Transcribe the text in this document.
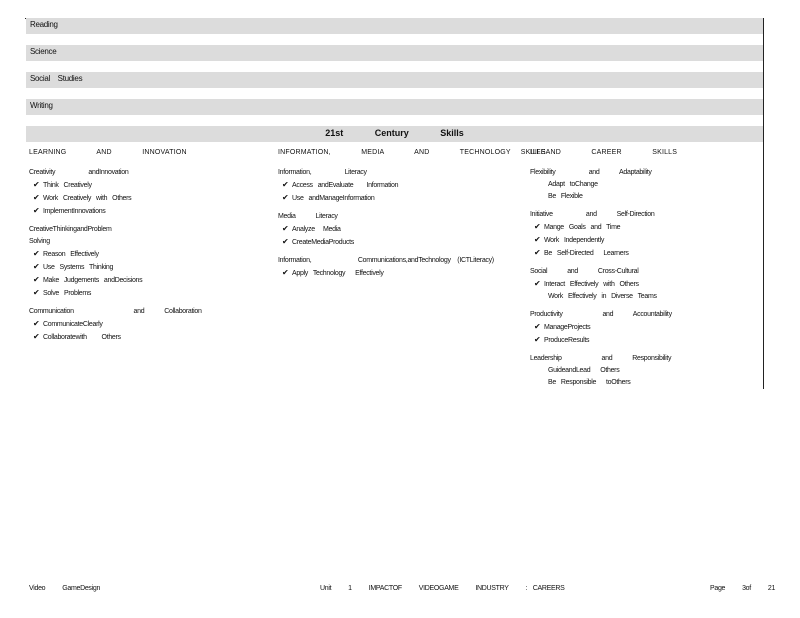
Reading
Science
Social    Studies
Writing
21st   Century   Skills
LEARNING   AND   INNOVATION
Creativity     andInnovation
✔ Think   Creatively
✔ Work   Creatively   with   Others
✔ ImplementInnovations
CreativeThinkingandProblem                     Solving
✔ Reason   Effectively
✔ Use   Systems   Thinking
✔ Make   Judgements   andDecisions
✔ Solve   Problems
Communication         and   Collaboration
✔ CommunicateClearly
✔ Collaboratewith         Others
INFORMATION,   MEDIA   AND   TECHNOLOGY SKILLS
Information,     Literacy
✔ Access   andEvaluate        Information
✔ Use   andManageInformation
Media   Literacy
✔ Analyze     Media
✔ CreateMediaProducts
Information,       Communications,andTechnology (ICTLiteracy)
✔ Apply   Technology      Effectively
LIFEAND   CAREER   SKILLS
Flexibility     and   Adaptability
Adapt   toChange
Be   Flexible
Initiative     and   Self-Direction
✔ Mange   Goals   and   Time
✔ Work   Independently
✔ Be   Self-Directed      Learners
Social   and   Cross-Cultural
✔ Interact   Effectively   with   Others
Work   Effectively   in   Diverse   Teams
Productivity      and   Accountability
✔ ManageProjects
✔ ProduceResults
Leadership      and   Responsibility
GuideandLead      Others
Be   Responsible      toOthers
Video   GameDesign	Unit   1   IMPACTOF   VIDEOGAME   INDUSTRY   : CAREERS	Page   3of   21
